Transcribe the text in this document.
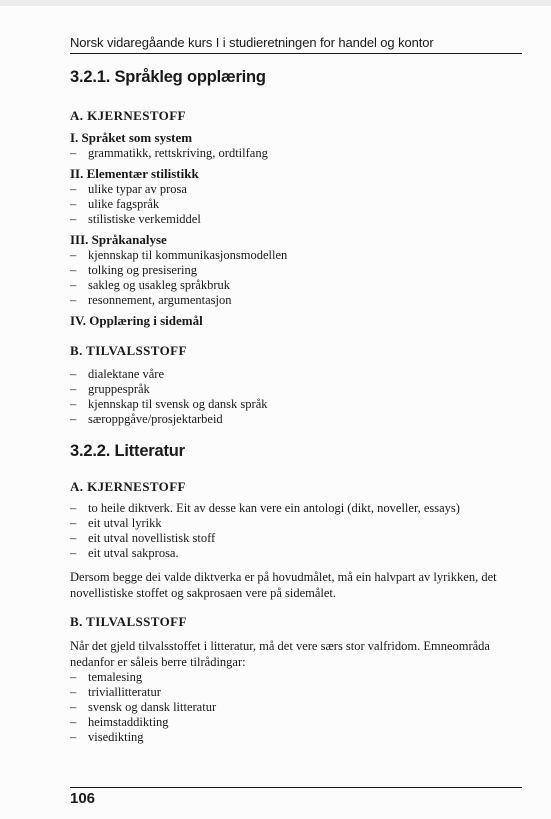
Norsk vidaregåande kurs I i studieretningen for handel og kontor
3.2.1. Språkleg opplæring

A. KJERNESTOFF

I. Språket som system

– grammatikk, rettskriving, ordtilfang

II. Elementær stilistikk

– ulike typar av prosa
– ulike fagspråk
– stilistiske verkemiddel

III. Språkanalyse

– kjennskap til kommunikasjonsmodellen
– tolking og presisering
– sakleg og usakleg språkbruk
– resonnement, argumentasjon

IV. Opplæring i sidemål

B. TILVALSSTOFF

– dialektane våre
– gruppespråk
– kjennskap til svensk og dansk språk
– særoppgåve/prosjektarbeid
3.2.2. Litteratur

A. KJERNESTOFF

– to heile diktverk. Eit av desse kan vere ein antologi (dikt, noveller, essays)
– eit utval lyrikk
– eit utval novellistisk stoff
– eit utval sakprosa.

Dersom begge dei valde diktverka er på hovudmålet, må ein halvpart av lyrikken, det novellistiske stoffet og sakprosaen vere på sidemålet.

B. TILVALSSTOFF

Når det gjeld tilvalsstoffet i litteratur, må det vere særs stor valfridom. Emneområda nedanfor er såleis berre tilrådingar:

– temalesing
– triviallitteratur
– svensk og dansk litteratur
– heimstaddikting
– visedikting
106
